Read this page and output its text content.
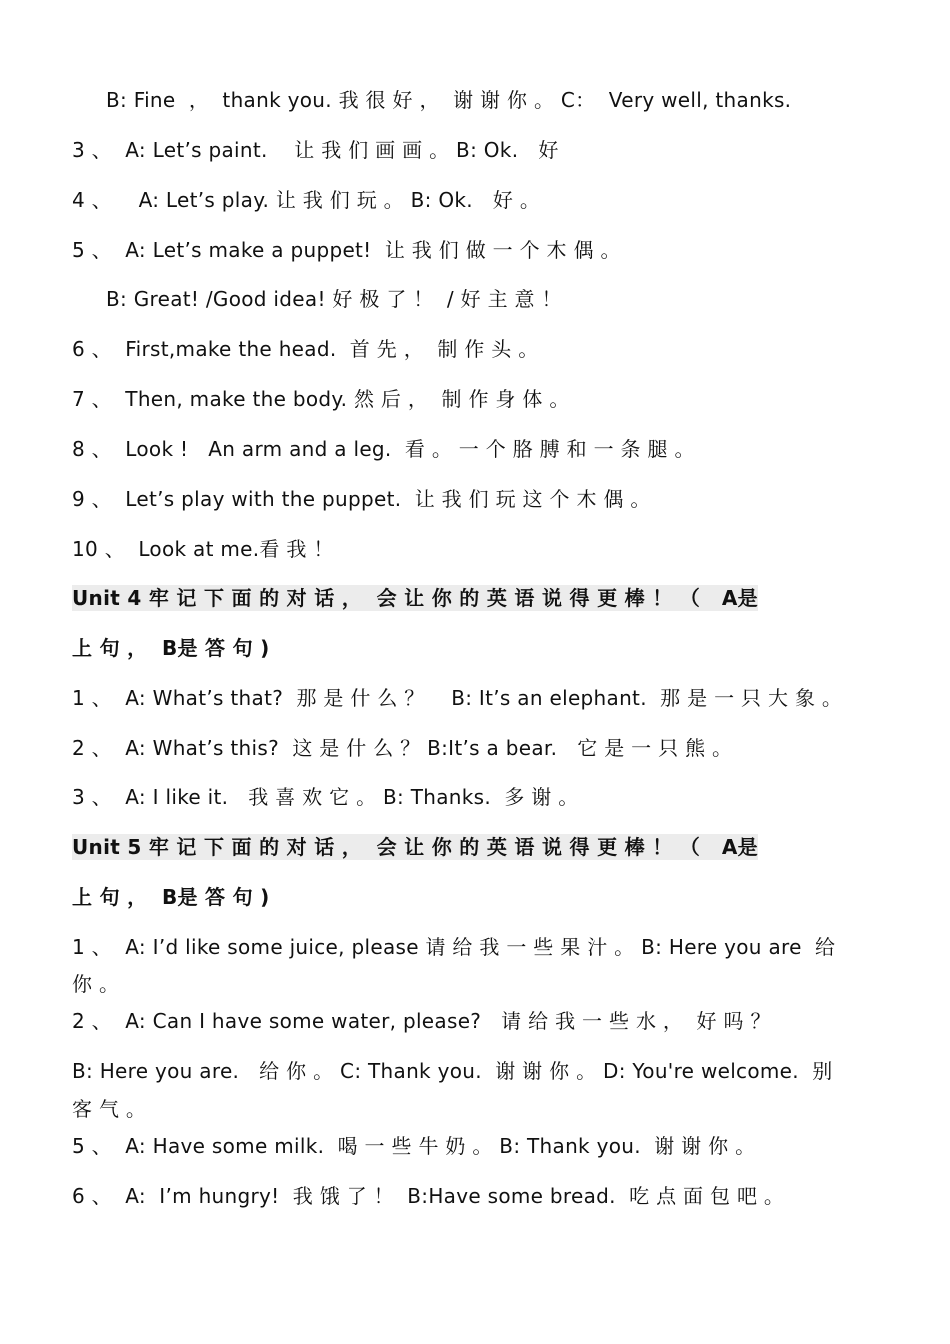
B: Fine  ，  thank you. 我 很 好 ，  谢 谢 你 。 C：  Very well, thanks.
3 、  A: Let’s paint.    让 我 们 画 画 。 B: Ok.   好
4 、    A: Let’s play. 让 我 们 玩 。 B: Ok.   好 。
5 、  A: Let’s make a puppet!  让 我 们 做 一 个 木 偶 。
B: Great! /Good idea! 好 极 了 ！  / 好 主 意 ！
6 、  First,make the head.  首 先 ，  制 作 头 。
7 、  Then, make the body. 然 后 ，  制 作 身 体 。
8 、  Look !   An arm and a leg.  看 。 一 个 胳 膊 和 一 条 腿 。
9 、  Let’s play with the puppet.  让 我 们 玩 这 个 木 偶 。
10 、  Look at me.看 我 ！
Unit 4 牢 记 下 面 的 对 话 ，  会 让 你 的 英 语 说 得 更 棒 ！ （   A是
上 句 ，  B是 答 句 )
1 、  A: What’s that?  那 是 什 么 ？    B: It’s an elephant.  那 是 一 只 大 象 。
2 、  A: What’s this?  这 是 什 么 ？ B:It’s a bear.   它 是 一 只 熊 。
3 、  A: I like it.   我 喜 欢 它 。 B: Thanks.  多 谢 。
Unit 5 牢 记 下 面 的 对 话 ，  会 让 你 的 英 语 说 得 更 棒 ！ （   A是
上 句 ，  B是 答 句 )
1 、  A: I’d like some juice, please 请 给 我 一 些 果 汁 。 B: Here you are  给
你 。
2 、  A: Can I have some water, please?   请 给 我 一 些 水 ，  好 吗 ？
B: Here you are.   给 你 。 C: Thank you.  谢 谢 你 。 D: You're welcome.  别
客 气 。
5 、  A: Have some milk.  喝 一 些 牛 奶 。 B: Thank you.  谢 谢 你 。
6 、  A:  I’m hungry!  我 饿 了 ！  B:Have some bread.  吃 点 面 包 吧 。
